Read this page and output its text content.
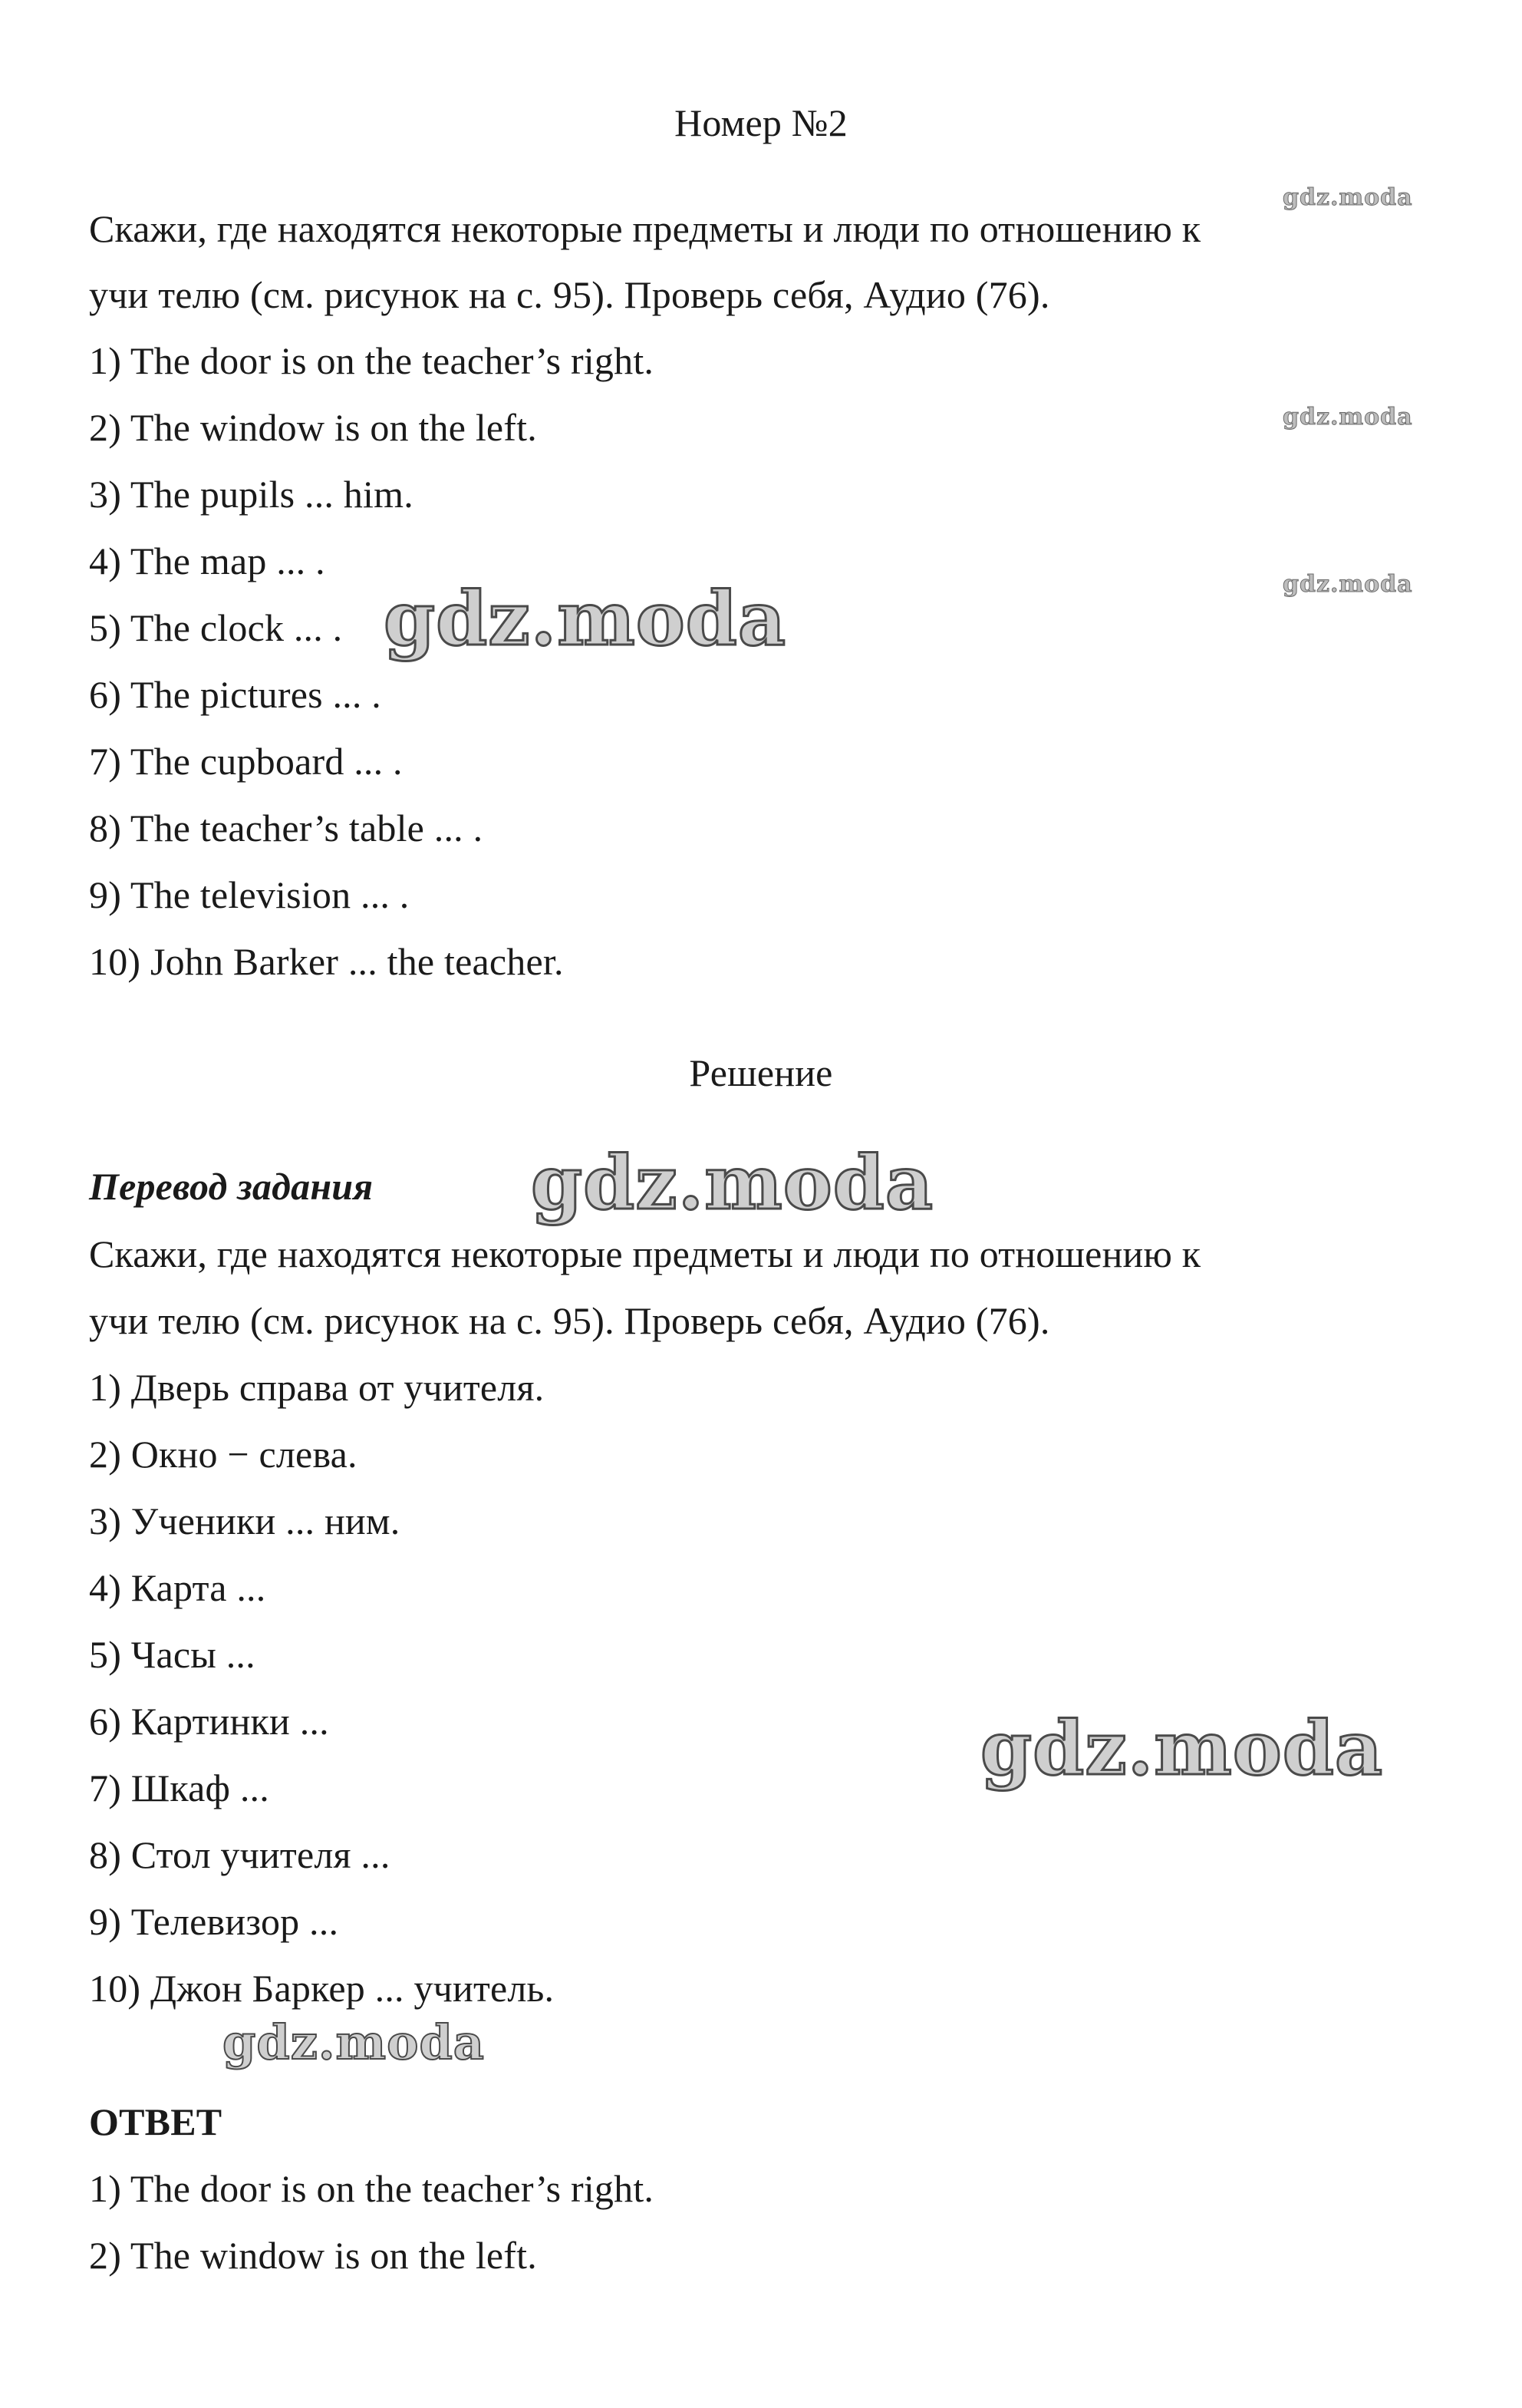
Номер №2
Скажи, где находятся некоторые предметы и люди по отношению к
учи телю (см. рисунок на с. 95). Проверь себя, Аудио (76).
1) The door is on the teacher’s right.
2) The window is on the left.
3) The pupils ... him.
4) The map ... .
5) The clock ... .
6) The pictures ... .
7) The cupboard ... .
8) The teacher’s table ... .
9) The television ... .
10) John Barker ... the teacher.
Решение
Перевод задания
Скажи, где находятся некоторые предметы и люди по отношению к
учи телю (см. рисунок на с. 95). Проверь себя, Аудио (76).
1) Дверь справа от учителя.
2) Окно − слева.
3) Ученики ... ним.
4) Карта ...
5) Часы ...
6) Картинки ...
7) Шкаф ...
8) Стол учителя ...
9) Телевизор ...
10) Джон Баркер ... учитель.
ОТВЕТ
1) The door is on the teacher’s right.
2) The window is on the left.
gdz.moda
gdz.moda
gdz.moda
gdz.moda
gdz.moda
gdz.moda
gdz.moda
